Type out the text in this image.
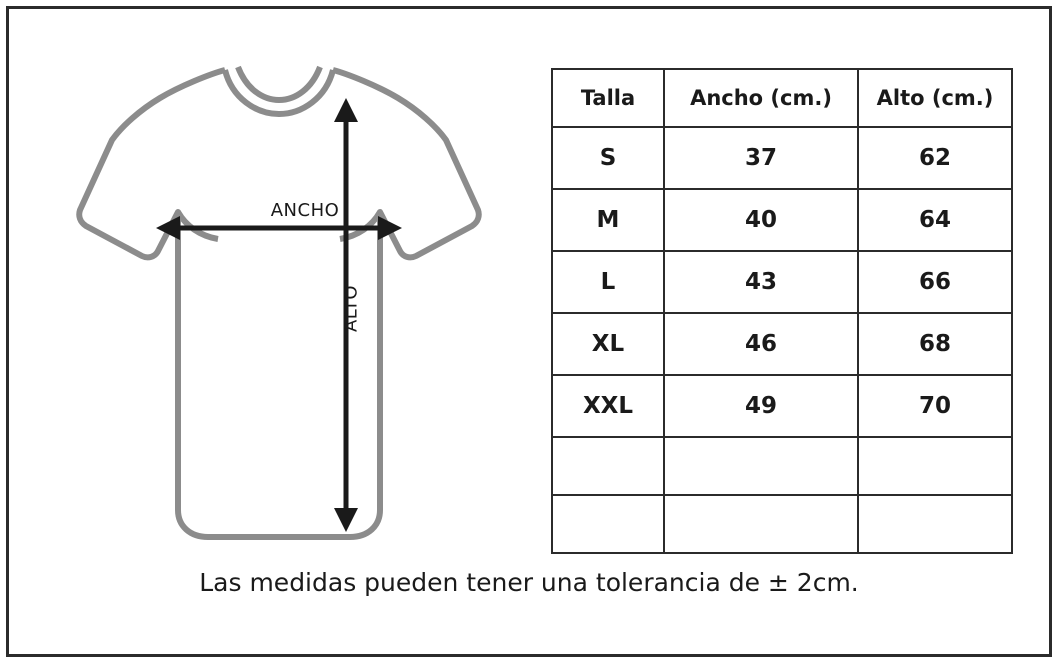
ANCHO
ALTO
Talla	Ancho (cm.)	Alto (cm.)
S	37	62
M	40	64
L	43	66
XL	46	68
XXL	49	70

Las medidas pueden tener una tolerancia de ± 2cm.
